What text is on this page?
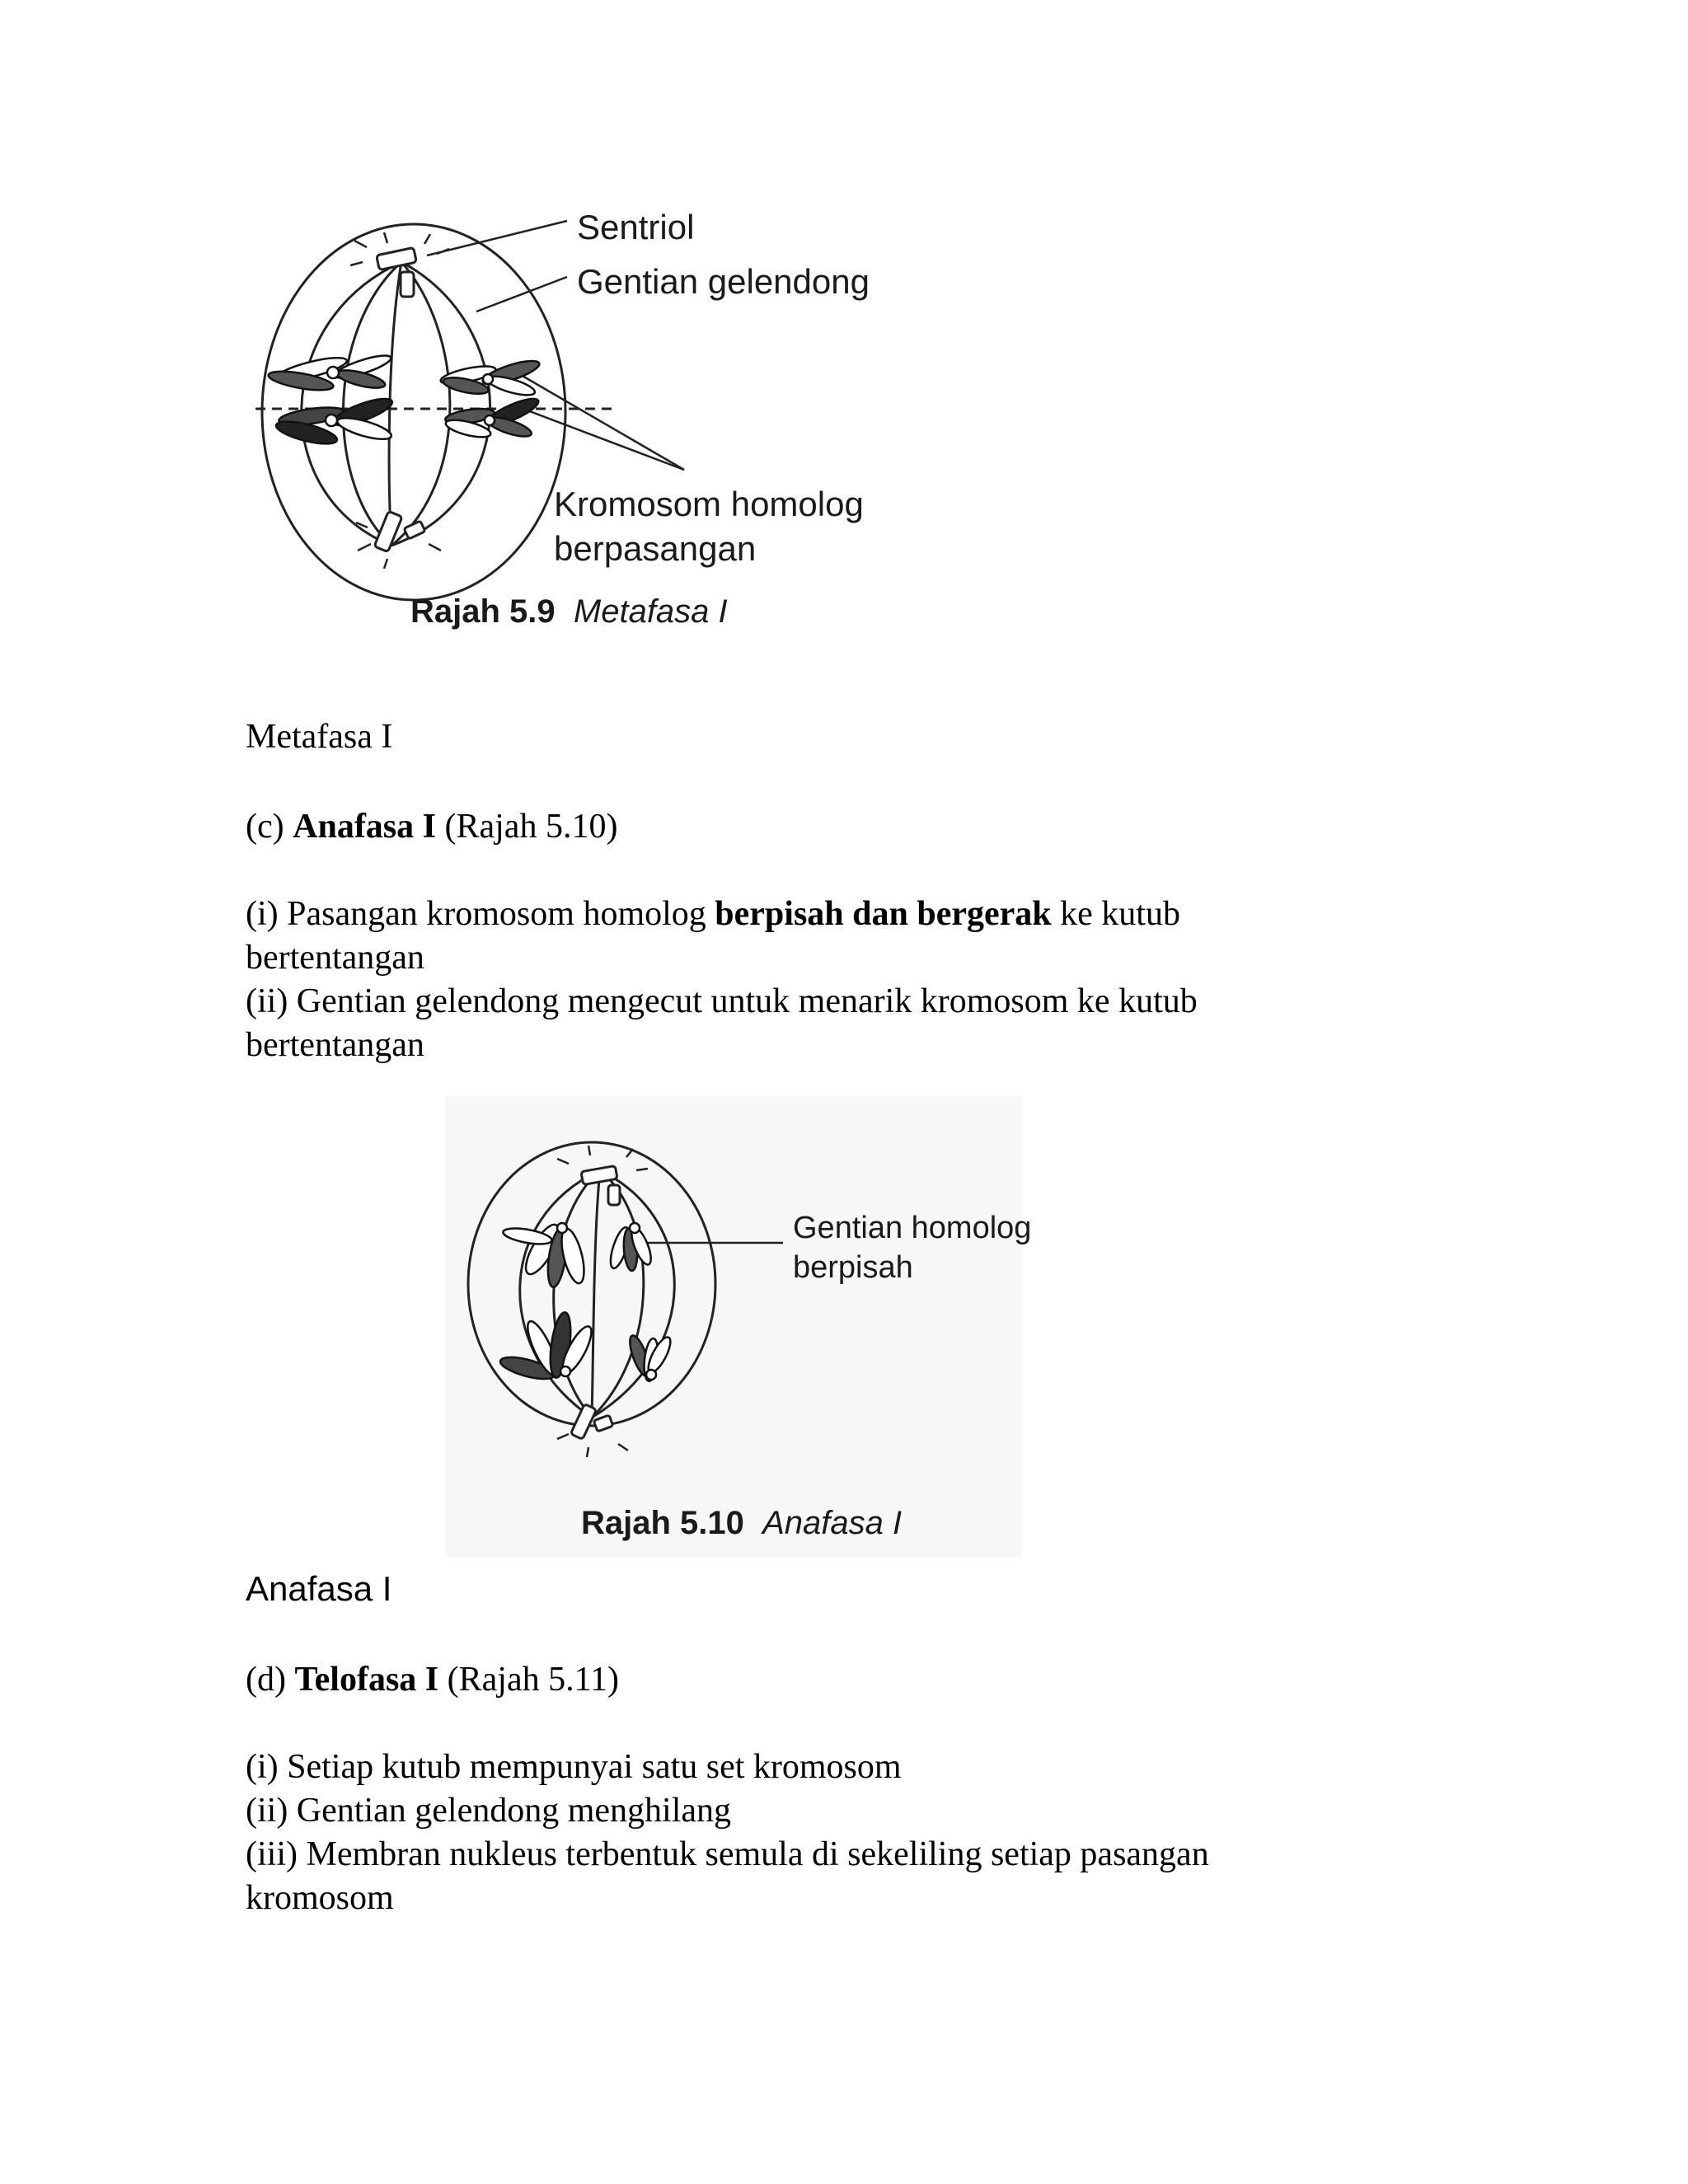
Sentriol
Gentian gelendong
Kromosom homolog
berpasangan
Rajah 5.9 Metafasa I
Metafasa I
(c) Anafasa I (Rajah 5.10)

(i) Pasangan kromosom homolog berpisah dan bergerak ke kutub

bertentangan

(ii) Gentian gelendong mengecut untuk menarik kromosom ke kutub

bertentangan

Gentian homolog
berpisah
Rajah 5.10 Anafasa I
Anafasa I
(d) Telofasa I (Rajah 5.11)

(i) Setiap kutub mempunyai satu set kromosom

(ii) Gentian gelendong menghilang

(iii) Membran nukleus terbentuk semula di sekeliling setiap pasangan

kromosom
